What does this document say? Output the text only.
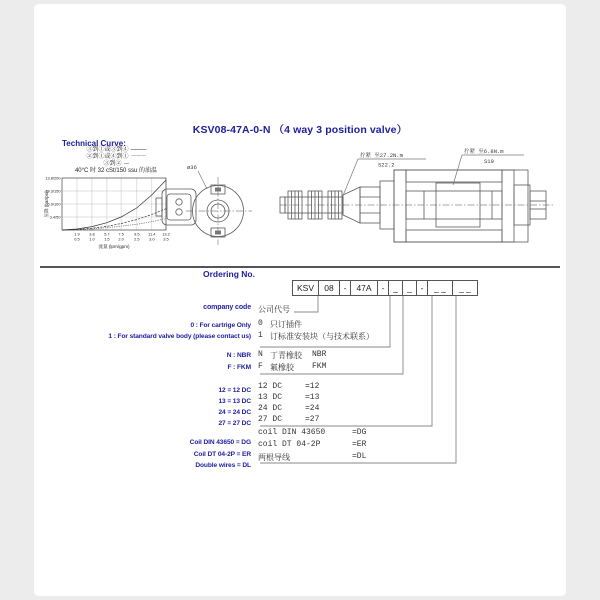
KSV08-47A-0-N （4 way 3 position valve）
Technical Curve:
③到①或③到④ ———
②到①或④到① －－－
③到② ·····
40°C 时 32 cSt/150 ssu 的油温
13.8/200
10.3/150
6.9/100
3.4/50
1.9
0.5
3.8
1.0
5.7
1.5
7.5
2.0
9.5
2.5
11.4
3.0
13.2
3.5
流量 (lpm/gpm)
压降 (bar/psi)
ø36
拧紧 至27.2N.m
S22.2
拧紧 至6.8N.m
S19
Ordering No.
KSV	08	-	47A	-	_	_	-	_ _	_ _
company code
0 : For cartrige Only
1 : For standard valve body (please contact us)
N : NBR
F : FKM
12 = 12 DC
13 = 13 DC
24 = 24 DC
27 = 27 DC
Coil DIN 43650 = DG
Coil DT 04-2P = ER
Double wires = DL
公司代号
0 只订插件
1 订标准安装块（与技术联系）
N 丁青橡胶	NBR
F 氟橡胶	FKM
12 DC	=12
13 DC	=13
24 DC	=24
27 DC	=27
coil DIN 43650	=DG
coil DT 04-2P	=ER
两根导线	=DL
